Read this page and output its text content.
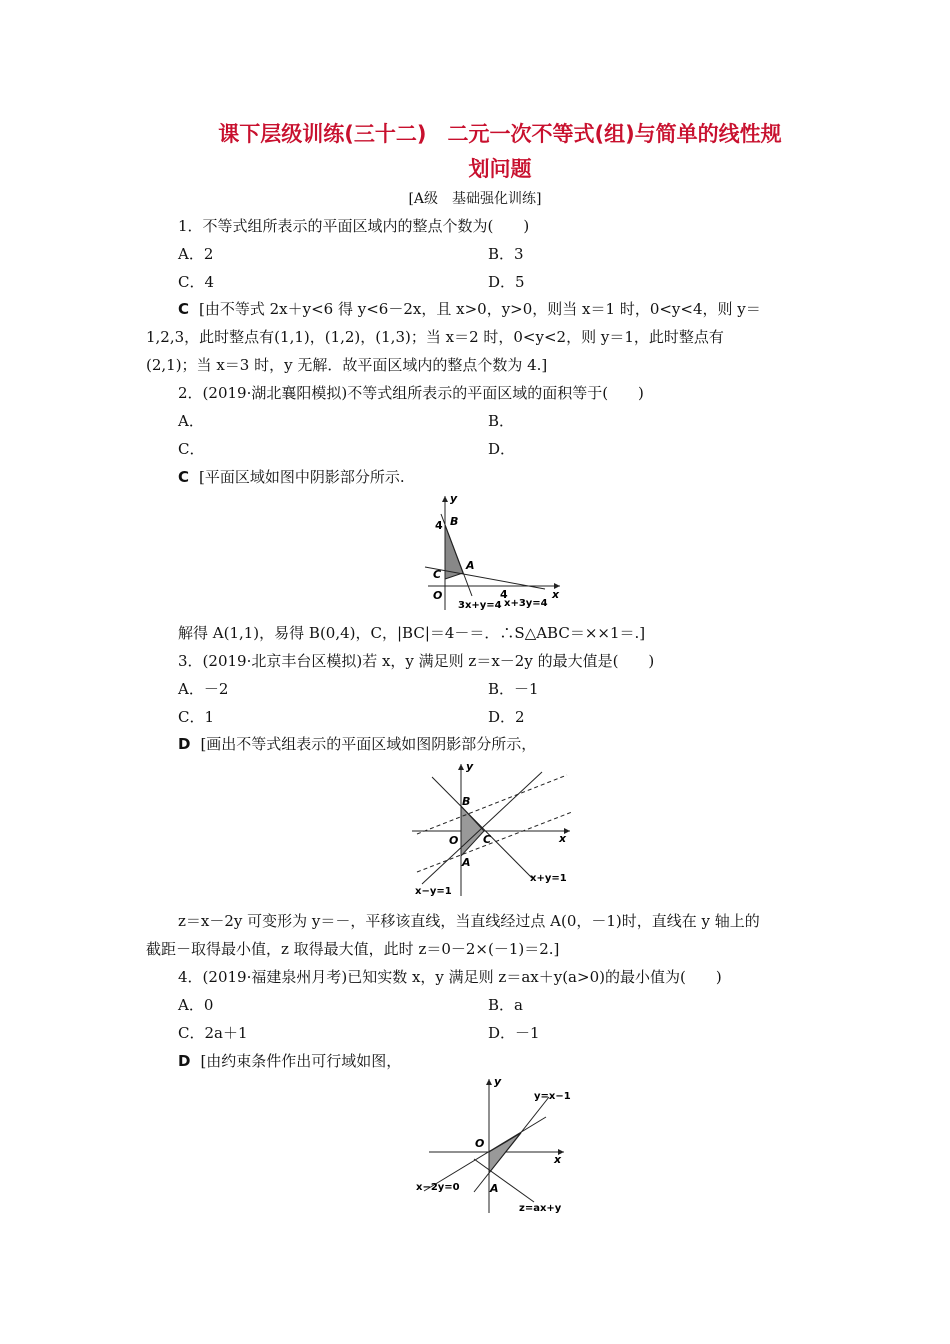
课下层级训练(三十二)　二元一次不等式(组)与简单的线性规
划问题
[A级　基础强化训练]
1．不等式组所表示的平面区域内的整点个数为(　　)
A．2	B．3
C．4	D．5
C [由不等式 2x＋y<6 得 y<6－2x，且 x>0，y>0，则当 x＝1 时，0<y<4，则 y＝
1,2,3，此时整点有(1,1)，(1,2)，(1,3)；当 x＝2 时，0<y<2，则 y＝1，此时整点有
(2,1)；当 x＝3 时，y 无解．故平面区域内的整点个数为 4.]
2．(2019·湖北襄阳模拟)不等式组所表示的平面区域的面积等于(　　)
A．	B．
C．	D．
C [平面区域如图中阴影部分所示.
y
x
O
4
4
B
A
C
3x+y=4 x+3y=4
解得 A(1,1)，易得 B(0,4)，C，|BC|＝4－＝．∴S△ABC＝××1＝.]
3．(2019·北京丰台区模拟)若 x，y 满足则 z＝x－2y 的最大值是(　　)
A．－2	B．－1
C．1	D．2
D [画出不等式组表示的平面区域如图阴影部分所示，
y
x
O
B
C
A
x−y=1
x+y=1
z＝x－2y 可变形为 y＝－，平移该直线，当直线经过点 A(0，－1)时，直线在 y 轴上的
截距－取得最小值，z 取得最大值，此时 z＝0－2×(－1)＝2.]
4．(2019·福建泉州月考)已知实数 x，y 满足则 z＝ax＋y(a>0)的最小值为(　　)
A．0	B．a
C．2a＋1	D．－1
D [由约束条件作出可行域如图，
y
x
O
A
y=x−1
x−2y=0
z=ax+y
